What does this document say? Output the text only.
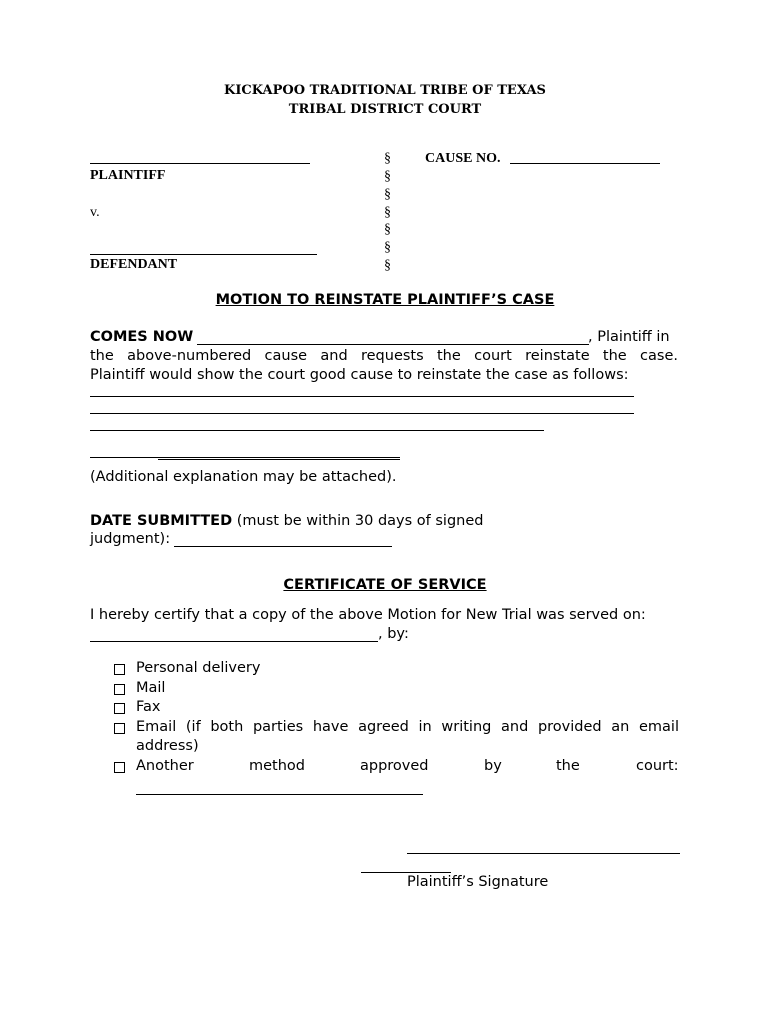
KICKAPOO TRADITIONAL TRIBE OF TEXAS
TRIBAL DISTRICT COURT
PLAINTIFF
v.
DEFENDANT
§
§
§
§
§
§
§
CAUSE NO.
MOTION TO REINSTATE PLAINTIFF’S CASE
COMES NOW	, Plaintiff in
the above-numbered cause and requests the court reinstate the case.
Plaintiff would show the court good cause to reinstate the case as follows:
(Additional explanation may be attached).
DATE SUBMITTED (must be within 30 days of signed
judgment):
CERTIFICATE OF SERVICE
I hereby certify that a copy of the above Motion for New Trial was served on:
, by:
Personal delivery
Mail
Fax
Email (if both parties have agreed in writing and provided an email
address)
Another	method	approved	by	the	court:
Plaintiff’s Signature
